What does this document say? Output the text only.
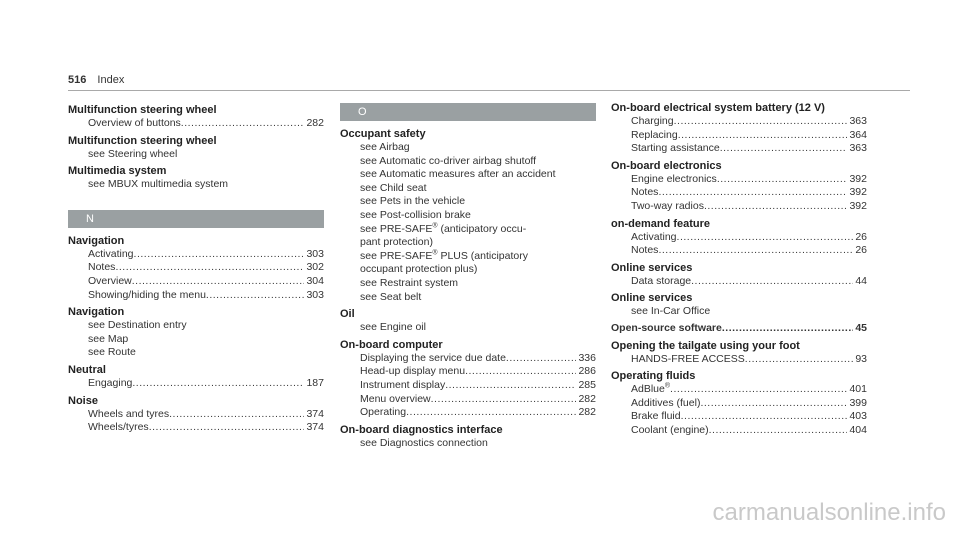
516 Index
Multifunction steering wheel
Overview of buttons .....	282
Multifunction steering wheel
see Steering wheel
Multimedia system
see MBUX multimedia system
N
Navigation
Activating .....	303
Notes .....	302
Overview .....	304
Showing/hiding the menu .....	303
Navigation
see Destination entry
see Map
see Route
Neutral
Engaging .....	187
Noise
Wheels and tyres .....	374
Wheels/tyres .....	374
O
Occupant safety
see Airbag
see Automatic co-driver airbag shutoff
see Automatic measures after an accident
see Child seat
see Pets in the vehicle
see Post-collision brake
see PRE-SAFE® (anticipatory occu-
pant protection)
see PRE-SAFE® PLUS (anticipatory
occupant protection plus)
see Restraint system
see Seat belt
Oil
see Engine oil
On-board computer
Displaying the service due date .....	336
Head-up display menu .....	286
Instrument display .....	285
Menu overview .....	282
Operating .....	282
On-board diagnostics interface
see Diagnostics connection
On-board electrical system battery (12 V)
Charging .....	363
Replacing .....	364
Starting assistance .....	363
On-board electronics
Engine electronics .....	392
Notes .....	392
Two-way radios .....	392
on-demand feature
Activating .....	26
Notes .....	26
Online services
Data storage .....	44
Online services
see In-Car Office
Open-source software .....	45
Opening the tailgate using your foot
HANDS-FREE ACCESS .....	93
Operating fluids
AdBlue® .....	401
Additives (fuel) .....	399
Brake fluid .....	403
Coolant (engine) .....	404
carmanualsonline.info
